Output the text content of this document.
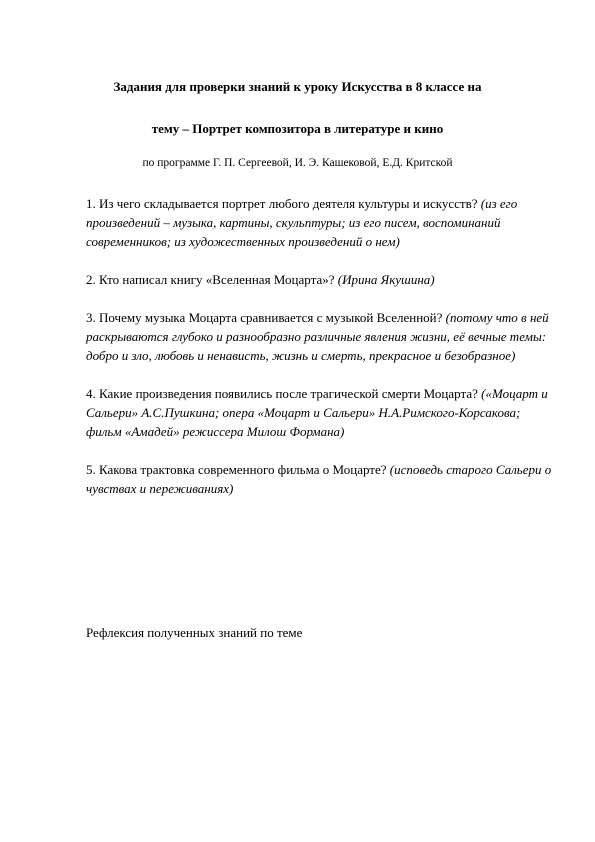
Задания для проверки знаний к уроку Искусства в 8 классе на
тему – Портрет композитора в литературе и кино
по программе Г. П. Сергеевой, И. Э. Кашековой, Е.Д. Критской

1. Из чего складывается портрет любого деятеля культуры и искусств? (из его произведений – музыка, картины, скульптуры; из его писем, воспоминаний современников; из художественных произведений о нем)

2. Кто написал книгу «Вселенная Моцарта»? (Ирина Якушина)

3. Почему музыка Моцарта сравнивается с музыкой Вселенной? (потому что в ней раскрываются глубоко и разнообразно различные явления жизни, её вечные темы: добро и зло, любовь и ненависть, жизнь и смерть, прекрасное и безобразное)

4. Какие произведения появились после трагической смерти Моцарта? («Моцарт и Сальери» А.С.Пушкина; опера «Моцарт и Сальери» Н.А.Римского-Корсакова; фильм «Амадей» режиссера Милош Формана)

5. Какова трактовка современного фильма о Моцарте? (исповедь старого Сальери о чувствах и переживаниях)

Рефлексия полученных знаний по теме
